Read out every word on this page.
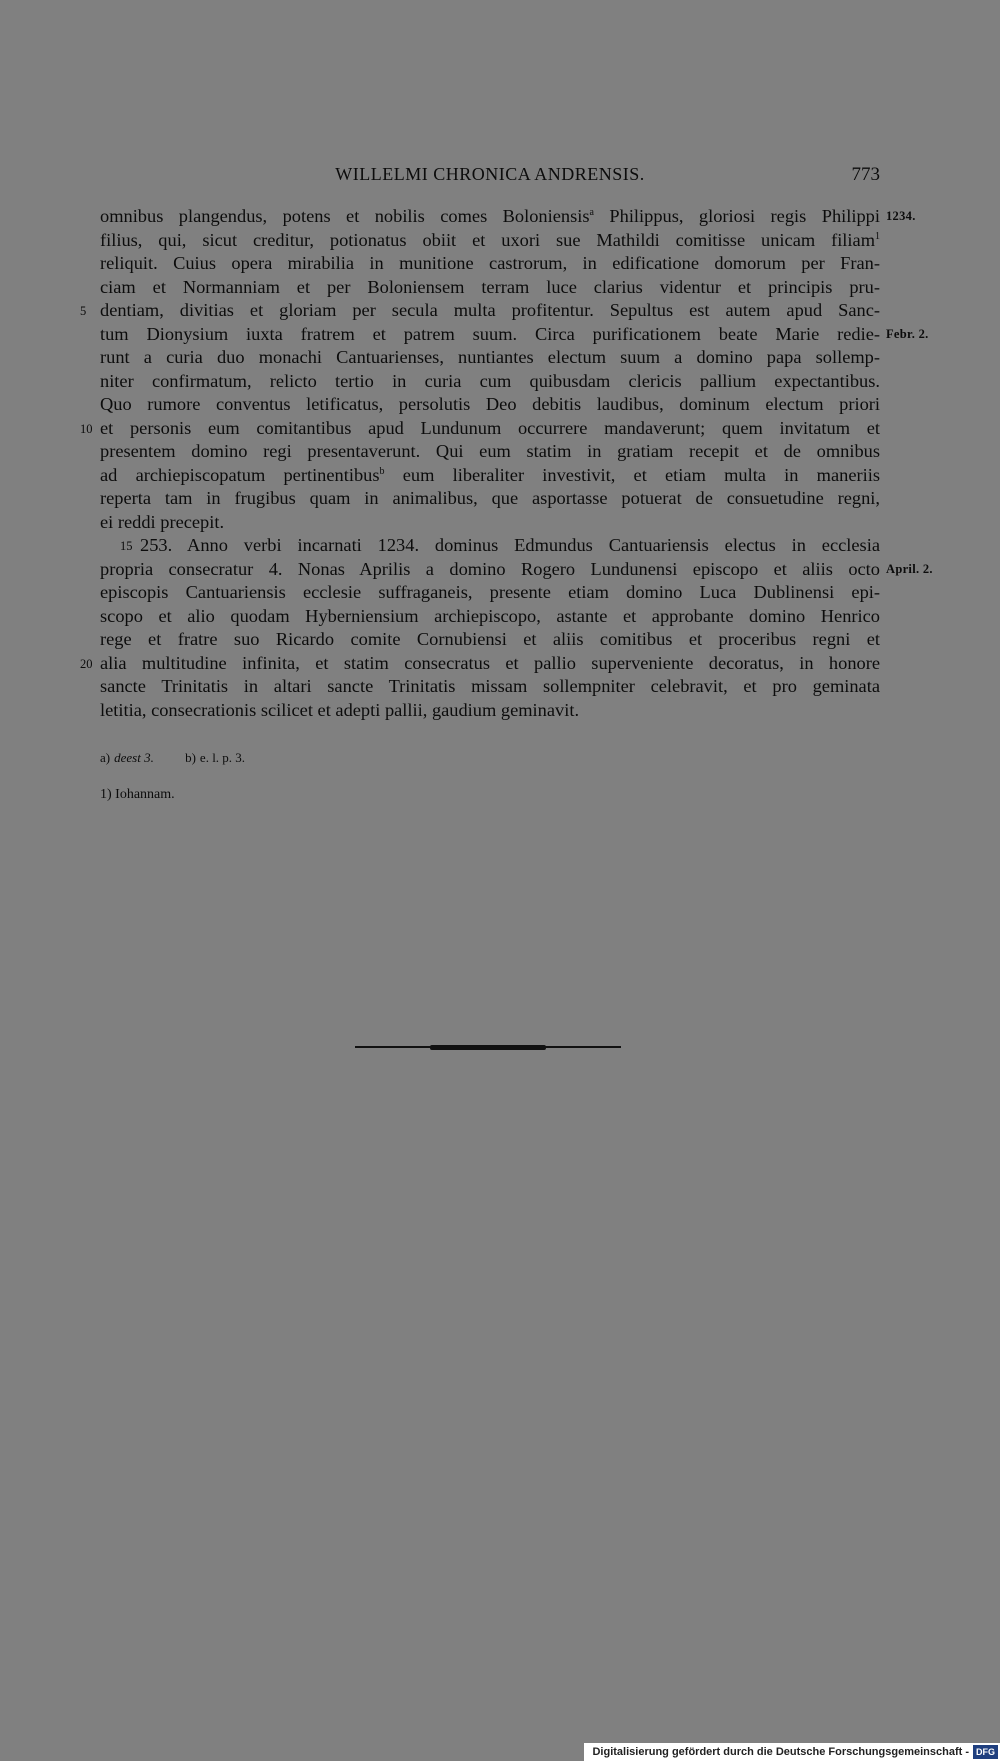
WILLELMI CHRONICA ANDRENSIS.	773
omnibus plangendus, potens et nobilis comes Boloniensis$^a$ Philippus, gloriosi regis Philippi 1234.
filius, qui, sicut creditur, potionatus obiit et uxori sue Mathildi comitisse unicam filiam$^1$
reliquit. Cuius opera mirabilia in munitione castrorum, in edificatione domorum per Fran-
ciam et Normanniam et per Boloniensem terram luce clarius videntur et principis pru-
5 dentiam, divitias et gloriam per secula multa profitentur. Sepultus est autem apud Sanc-
tum Dionysium iuxta fratrem et patrem suum. Circa purificationem beate Marie redie- Febr. 2.
runt a curia duo monachi Cantuarienses, nuntiantes electum suum a domino papa sollemp-
niter confirmatum, relicto tertio in curia cum quibusdam clericis pallium expectantibus.
Quo rumore conventus letificatus, persolutis Deo debitis laudibus, dominum electum priori
10 et personis eum comitantibus apud Lundunum occurrere mandaverunt; quem invitatum et
presentem domino regi presentaverunt. Qui eum statim in gratiam recepit et de omnibus
ad archiepiscopatum pertinentibus$^b$ eum liberaliter investivit, et etiam multa in maneriis
reperta tam in frugibus quam in animalibus, que asportasse potuerat de consuetudine regni,
ei reddi precepit.
15 253. Anno verbi incarnati 1234. dominus Edmundus Cantuariensis electus in ecclesia
propria consecratur 4. Nonas Aprilis a domino Rogero Lundunensi episcopo et aliis octo April. 2.
episcopis Cantuariensis ecclesie suffraganeis, presente etiam domino Luca Dublinensi epi-
scopo et alio quodam Hyberniensium archiepiscopo, astante et approbante domino Henrico
rege et fratre suo Ricardo comite Cornubiensi et aliis comitibus et proceribus regni et
20 alia multitudine infinita, et statim consecratus et pallio superveniente decoratus, in honore
sancte Trinitatis in altari sancte Trinitatis missam sollempniter celebravit, et pro geminata
letitia, consecrationis scilicet et adepti pallii, gaudium geminavit.
a) deest 3. b) e. l. p. 3.
1) Iohannam.
Digitalisierung gefördert durch die Deutsche Forschungsgemeinschaft - DFG
